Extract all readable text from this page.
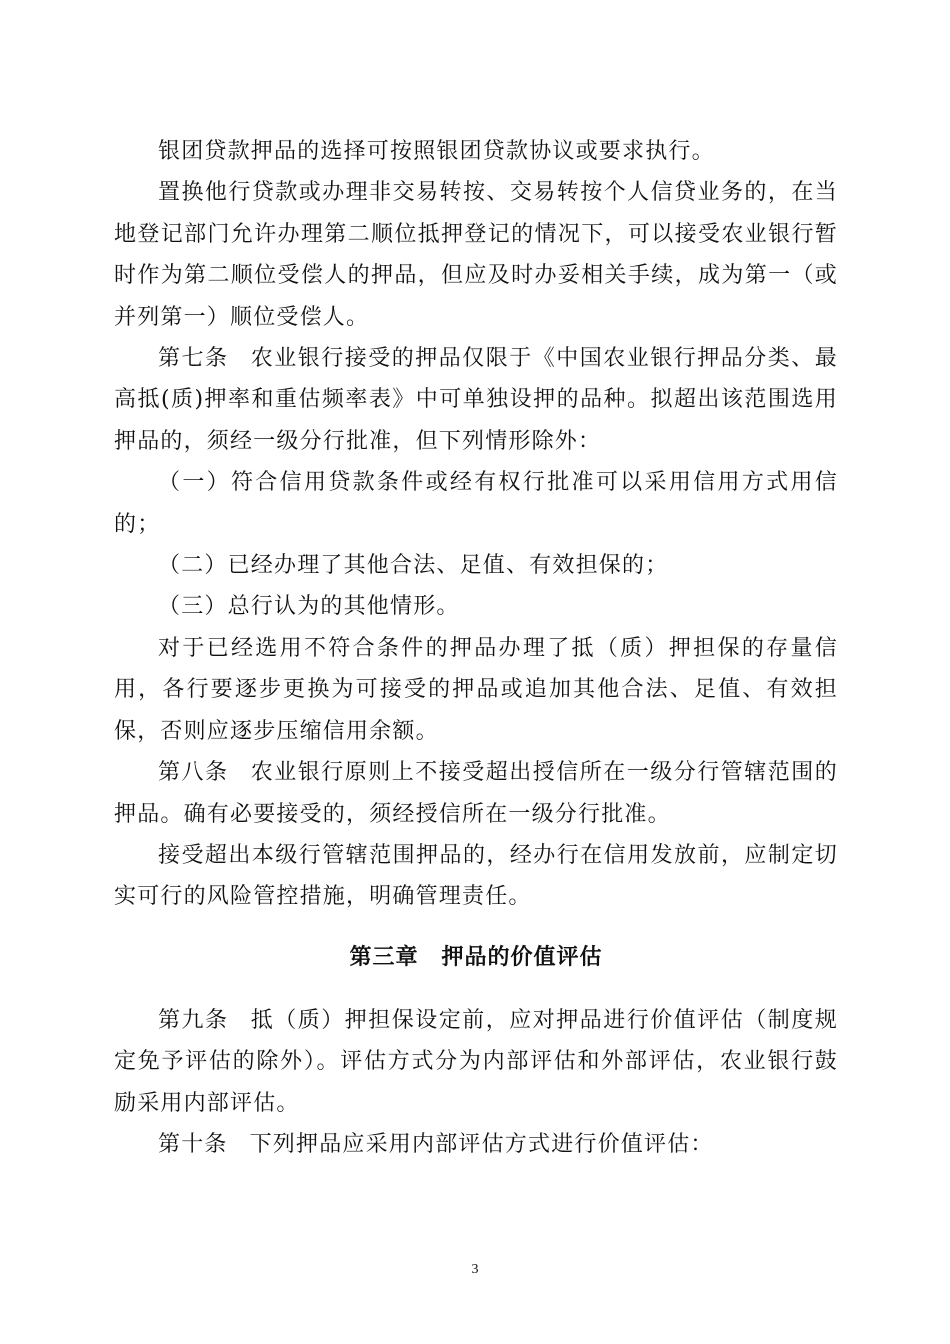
银团贷款押品的选择可按照银团贷款协议或要求执行。

置换他行贷款或办理非交易转按、交易转按个人信贷业务的，在当地登记部门允许办理第二顺位抵押登记的情况下，可以接受农业银行暂时作为第二顺位受偿人的押品，但应及时办妥相关手续，成为第一（或并列第一）顺位受偿人。

第七条 农业银行接受的押品仅限于《中国农业银行押品分类、最高抵(质)押率和重估频率表》中可单独设押的品种。拟超出该范围选用押品的，须经一级分行批准，但下列情形除外：

（一）符合信用贷款条件或经有权行批准可以采用信用方式用信的；

（二）已经办理了其他合法、足值、有效担保的；

（三）总行认为的其他情形。

对于已经选用不符合条件的押品办理了抵（质）押担保的存量信用，各行要逐步更换为可接受的押品或追加其他合法、足值、有效担保，否则应逐步压缩信用余额。

第八条 农业银行原则上不接受超出授信所在一级分行管辖范围的押品。确有必要接受的，须经授信所在一级分行批准。

接受超出本级行管辖范围押品的，经办行在信用发放前，应制定切实可行的风险管控措施，明确管理责任。

第三章　押品的价值评估

第九条 抵（质）押担保设定前，应对押品进行价值评估（制度规定免予评估的除外）。评估方式分为内部评估和外部评估，农业银行鼓励采用内部评估。

第十条 下列押品应采用内部评估方式进行价值评估：

3
